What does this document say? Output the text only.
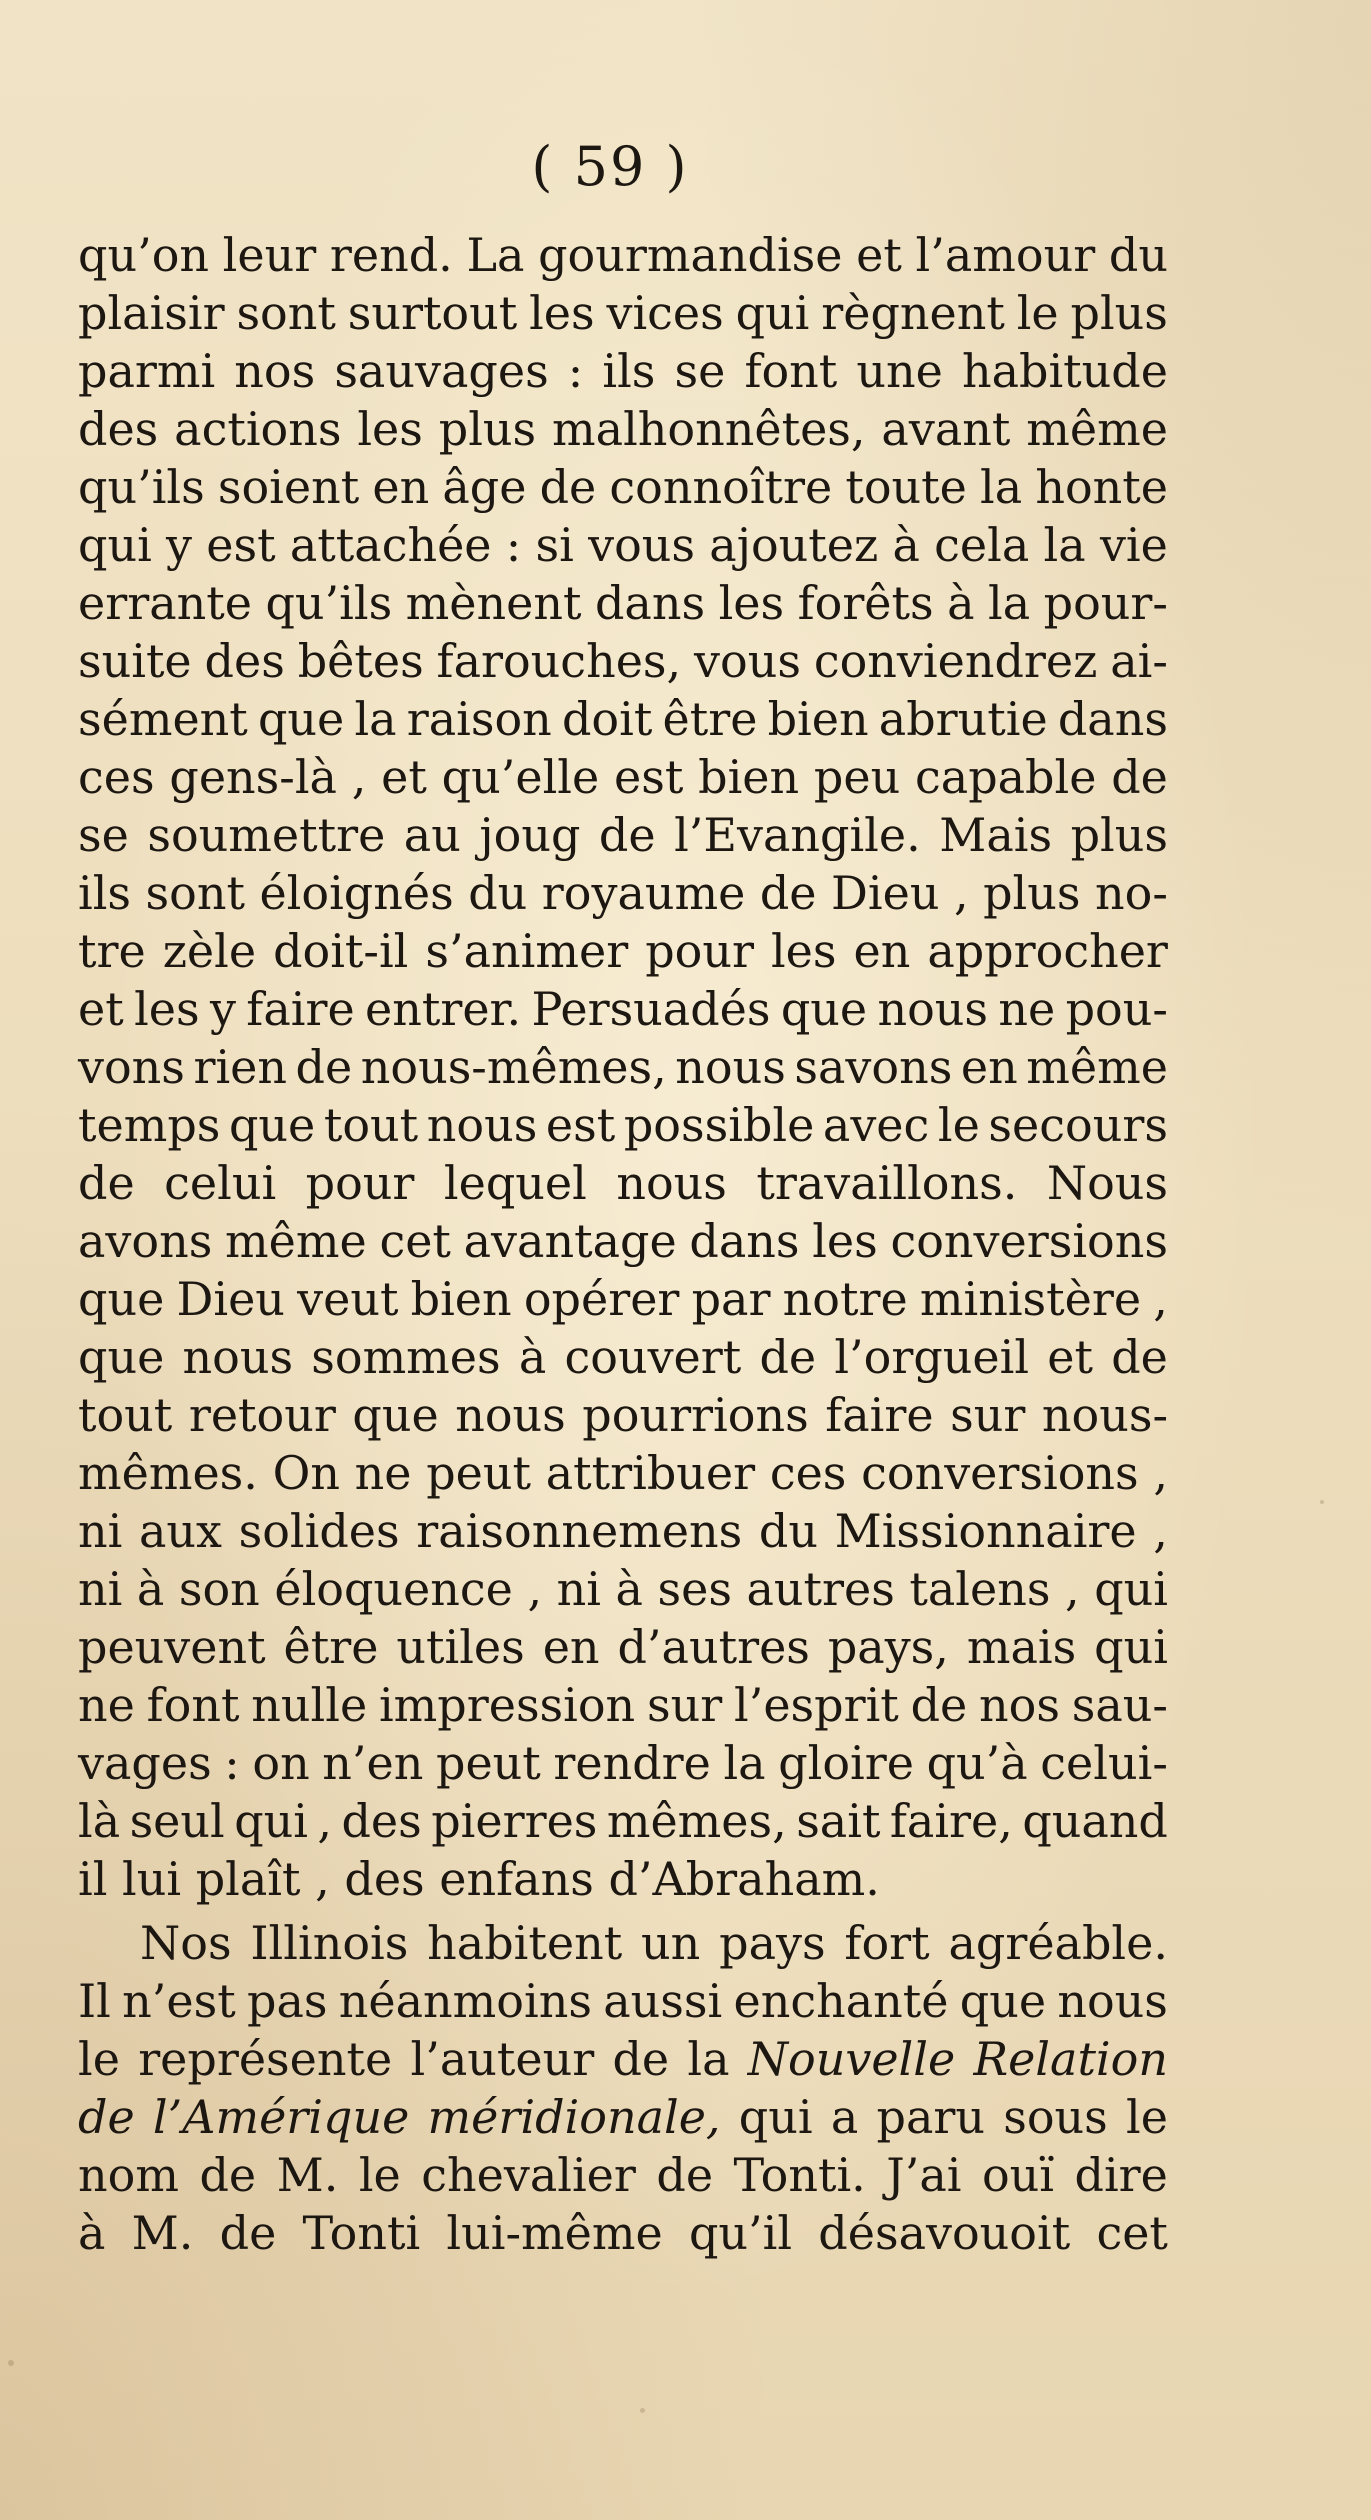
( 59 )
qu’on leur rend. La gourmandise et l’amour du
plaisir sont surtout les vices qui règnent le plus
parmi nos sauvages : ils se font une habitude
des actions les plus malhonnêtes, avant même
qu’ils soient en âge de connoître toute la honte
qui y est attachée : si vous ajoutez à cela la vie
errante qu’ils mènent dans les forêts à la pour-
suite des bêtes farouches, vous conviendrez ai-
sément que la raison doit être bien abrutie dans
ces gens-là , et qu’elle est bien peu capable de
se soumettre au joug de l’Evangile. Mais plus
ils sont éloignés du royaume de Dieu , plus no-
tre zèle doit-il s’animer pour les en approcher
et les y faire entrer. Persuadés que nous ne pou-
vons rien de nous-mêmes, nous savons en même
temps que tout nous est possible avec le secours
de celui pour lequel nous travaillons. Nous
avons même cet avantage dans les conversions
que Dieu veut bien opérer par notre ministère ,
que nous sommes à couvert de l’orgueil et de
tout retour que nous pourrions faire sur nous-
mêmes. On ne peut attribuer ces conversions ,
ni aux solides raisonnemens du Missionnaire ,
ni à son éloquence , ni à ses autres talens , qui
peuvent être utiles en d’autres pays, mais qui
ne font nulle impression sur l’esprit de nos sau-
vages : on n’en peut rendre la gloire qu’à celui-
là seul qui , des pierres mêmes, sait faire, quand
il lui plaît , des enfans d’Abraham.
Nos Illinois habitent un pays fort agréable.
Il n’est pas néanmoins aussi enchanté que nous
le représente l’auteur de la Nouvelle Relation
de l’Amérique méridionale, qui a paru sous le
nom de M. le chevalier de Tonti. J’ai ouï dire
à M. de Tonti lui-même qu’il désavouoit cet
